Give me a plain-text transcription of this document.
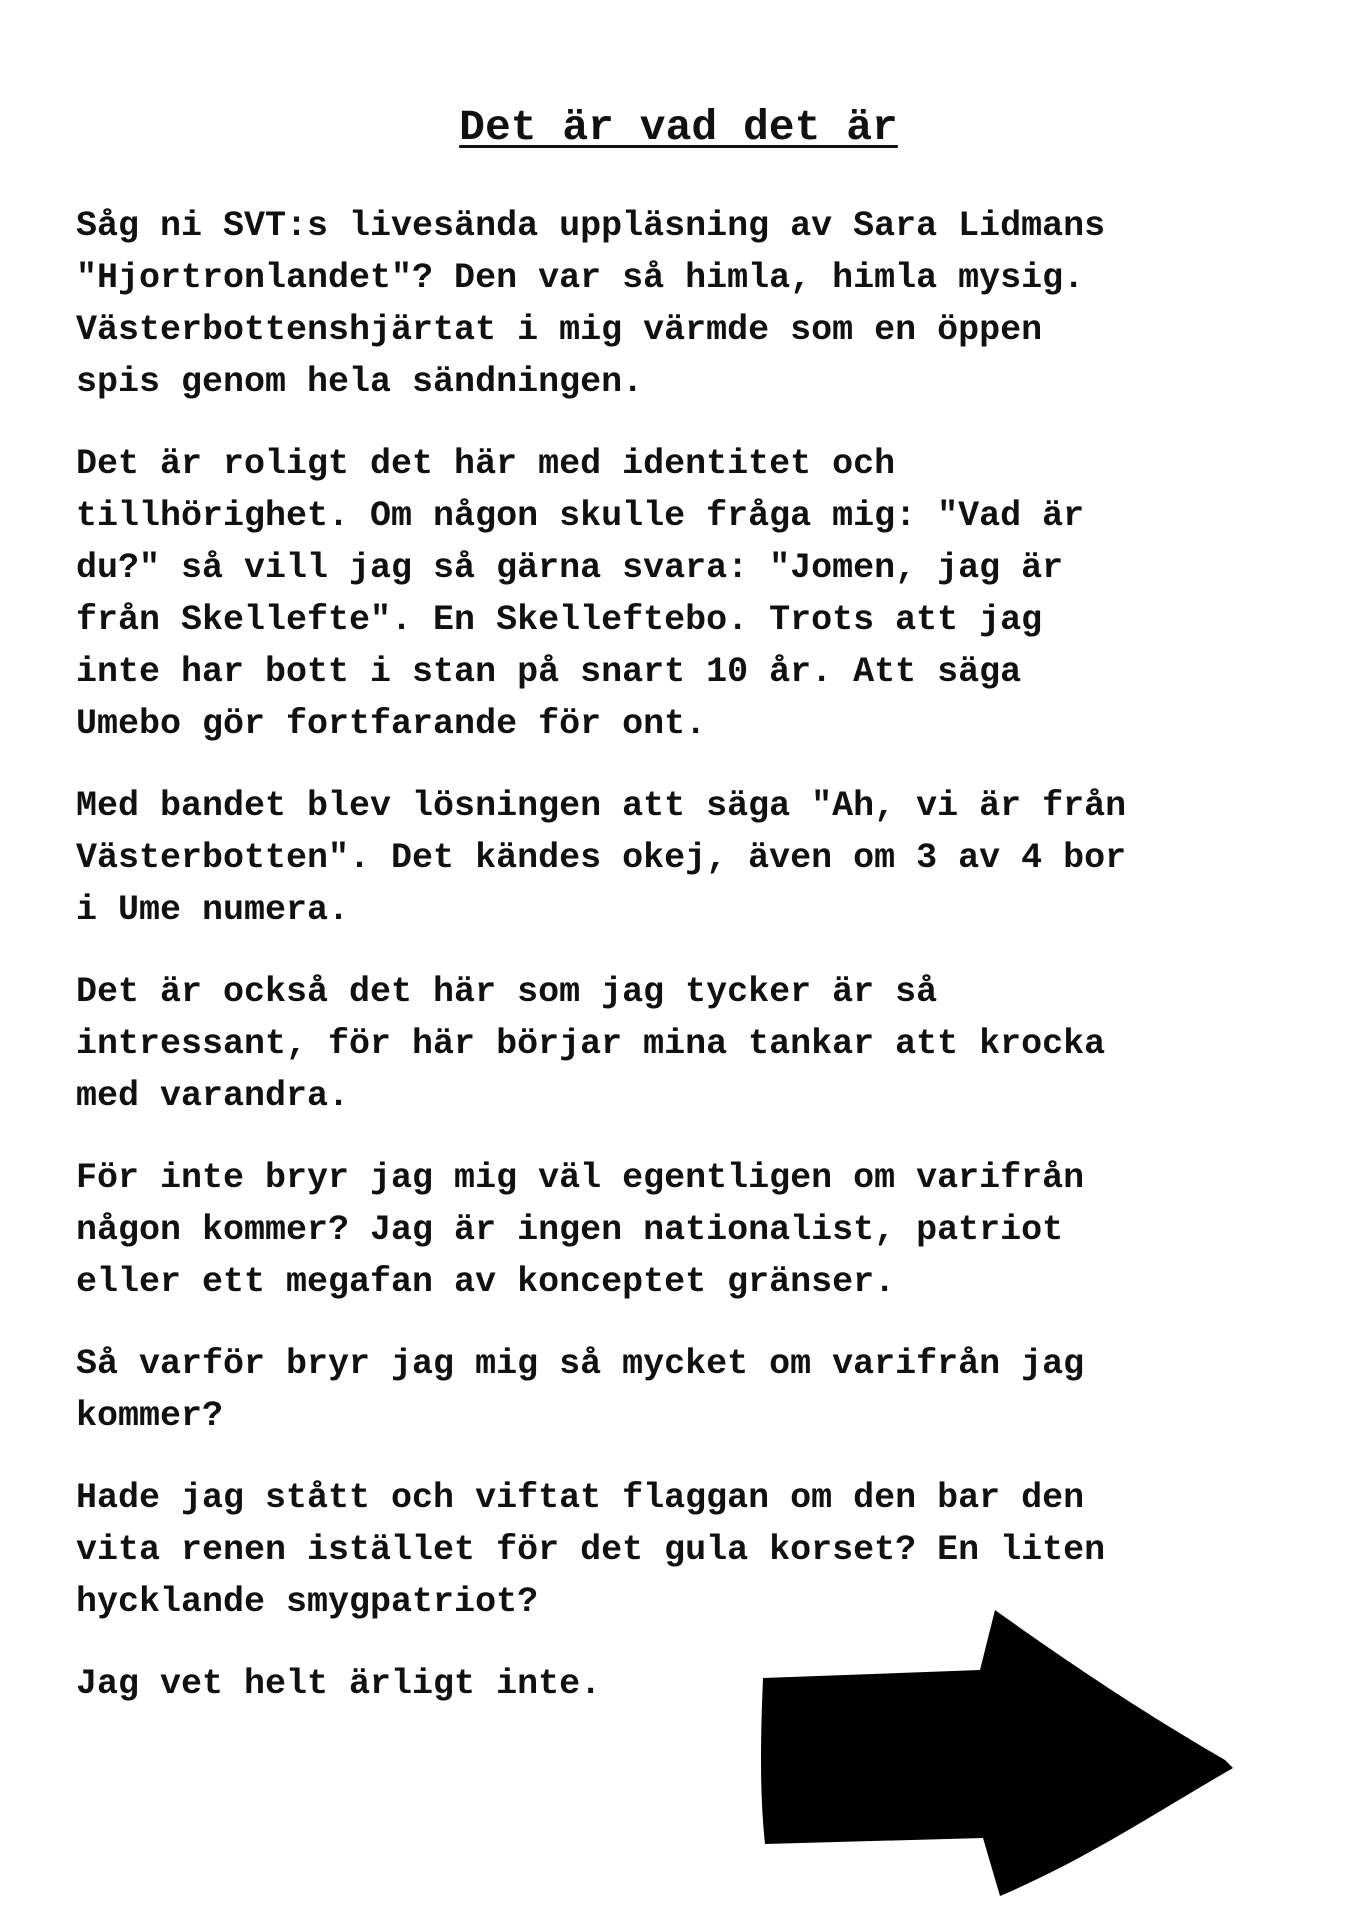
Det är vad det är

Såg ni SVT:s livesända uppläsning av Sara Lidmans
"Hjortronlandet"? Den var så himla, himla mysig.
Västerbottenshjärtat i mig värmde som en öppen
spis genom hela sändningen.

Det är roligt det här med identitet och
tillhörighet. Om någon skulle fråga mig: "Vad är
du?" så vill jag så gärna svara: "Jomen, jag är
från Skellefte". En Skelleftebo. Trots att jag
inte har bott i stan på snart 10 år. Att säga
Umebo gör fortfarande för ont.

Med bandet blev lösningen att säga "Ah, vi är från
Västerbotten". Det kändes okej, även om 3 av 4 bor
i Ume numera.

Det är också det här som jag tycker är så
intressant, för här börjar mina tankar att krocka
med varandra.

För inte bryr jag mig väl egentligen om varifrån
någon kommer? Jag är ingen nationalist, patriot
eller ett megafan av konceptet gränser.

Så varför bryr jag mig så mycket om varifrån jag
kommer?

Hade jag stått och viftat flaggan om den bar den
vita renen istället för det gula korset? En liten
hycklande smygpatriot?

Jag vet helt ärligt inte.
